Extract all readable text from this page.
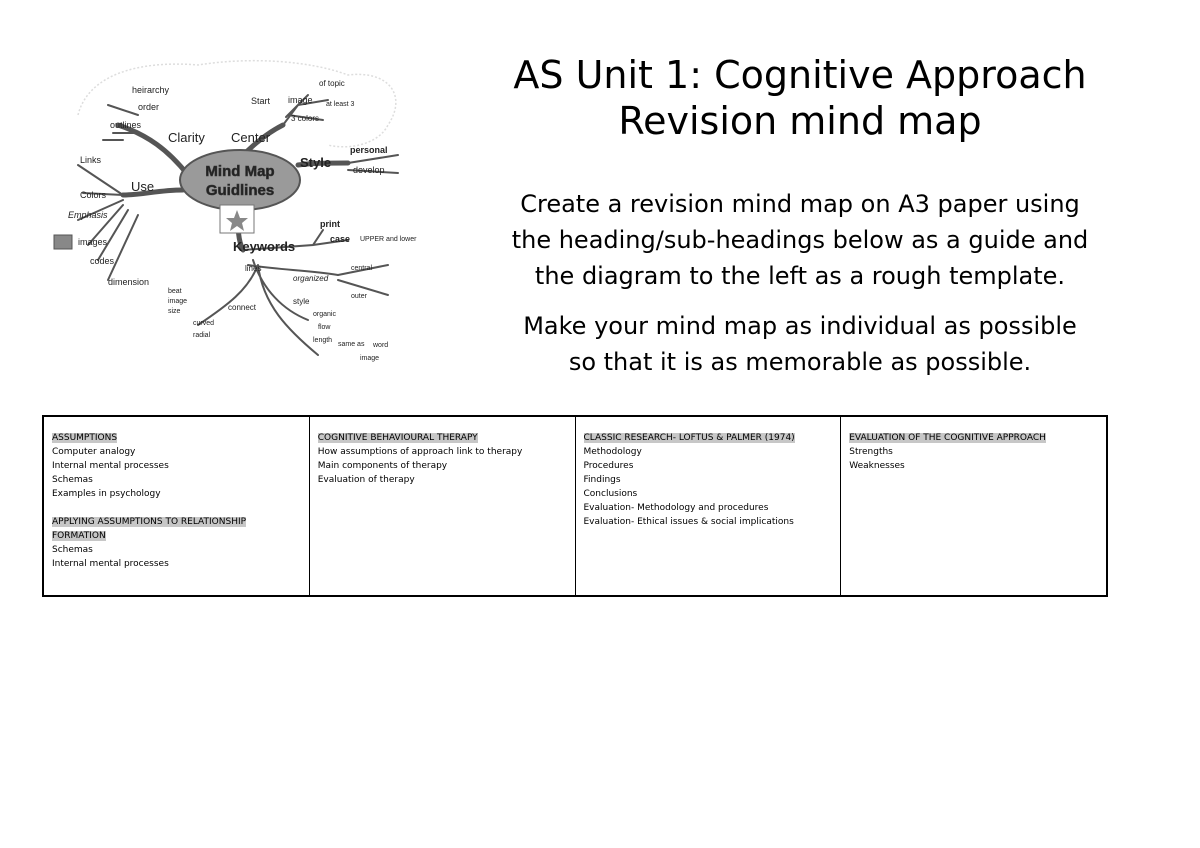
Mind Map
Guidlines
Clarity Center
Style
Use
Keywords
heirarchy
order
outlines
Start image
3 colors
of topic
at least 3
personal
develop
Links
Colors
Emphasis
images
codes
dimension
print
case UPPER and lower
lines
organized
central
outer
style
organic
flow
length
same as word
image
connect
curved
radial
beat
image
size
AS Unit 1: Cognitive Approach
Revision mind map

Create a revision mind map on A3 paper using
the heading/sub-headings below as a guide and
the diagram to the left as a rough template.

Make your mind map as individual as possible
so that it is as memorable as possible.

ASSUMPTIONS
Computer analogy
Internal mental processes
Schemas
Examples in psychology
APPLYING ASSUMPTIONS TO RELATIONSHIP FORMATION
Schemas
Internal mental processes
COGNITIVE BEHAVIOURAL THERAPY
How assumptions of approach link to therapy
Main components of therapy
Evaluation of therapy
CLASSIC RESEARCH- LOFTUS & PALMER (1974)
Methodology
Procedures
Findings
Conclusions
Evaluation- Methodology and procedures
Evaluation- Ethical issues & social implications
EVALUATION OF THE COGNITIVE APPROACH
Strengths
Weaknesses
